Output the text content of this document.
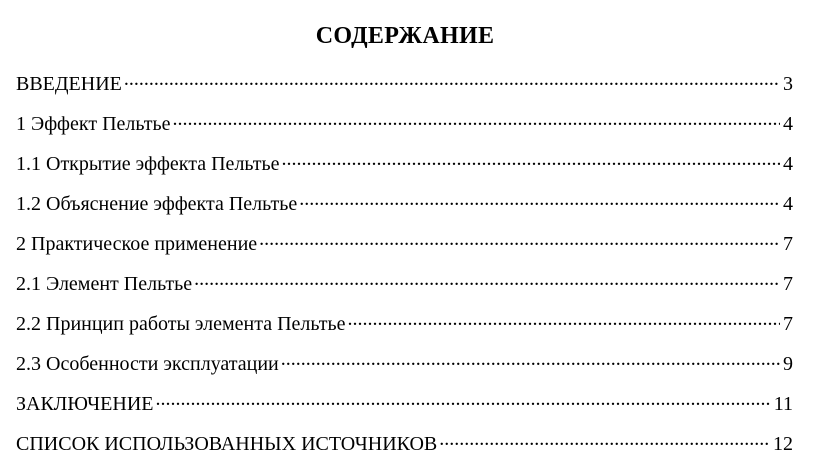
СОДЕРЖАНИЕ
ВВЕДЕНИЕ .....	3
1 Эффект Пельтье .....	4
1.1 Открытие эффекта Пельтье .....	4
1.2 Объяснение эффекта Пельтье .....	4
2 Практическое применение .....	7
2.1 Элемент Пельтье .....	7
2.2 Принцип работы элемента Пельтье .....	7
2.3 Особенности эксплуатации .....	9
ЗАКЛЮЧЕНИЕ .....	11
СПИСОК ИСПОЛЬЗОВАННЫХ ИСТОЧНИКОВ .....	12
